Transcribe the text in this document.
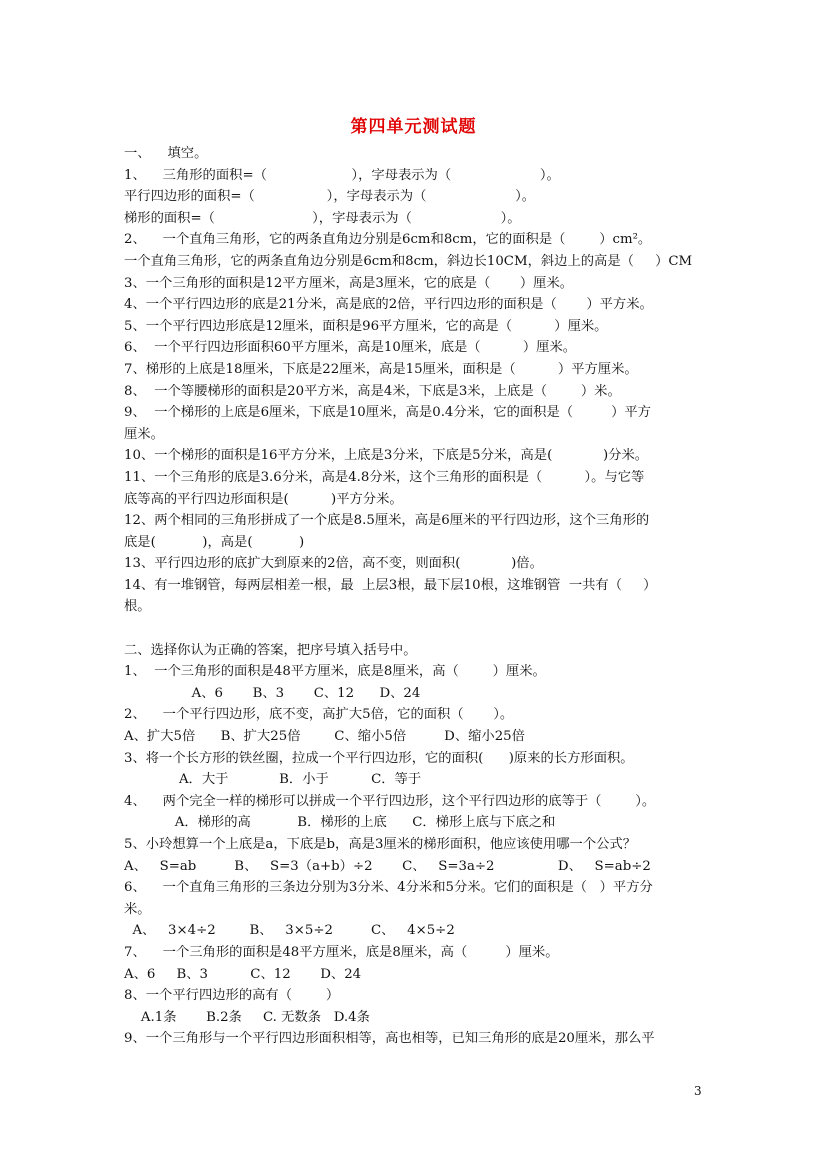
第四单元测试题
一、    填空。
1、    三角形的面积=（                    ），字母表示为（                     ）。
平行四边形的面积=（                 ），字母表示为（                     ）。
梯形的面积=（                       ），字母表示为（                     ）。
2、    一个直角三角形，它的两条直角边分别是6cm和8cm，它的面积是（        ）cm²。
一个直角三角形，它的两条直角边分别是6cm和8cm，斜边长10CM，斜边上的高是（     ）CM
3、一个三角形的面积是12平方厘米，高是3厘米，它的底是（       ）厘米。
4、一个平行四边形的底是21分米，高是底的2倍，平行四边形的面积是（       ）平方米。
5、一个平行四边形底是12厘米，面积是96平方厘米，它的高是（          ）厘米。
6、  一个平行四边形面积60平方厘米，高是10厘米，底是（          ）厘米。
7、梯形的上底是18厘米，下底是22厘米，高是15厘米，面积是（          ）平方厘米。
8、  一个等腰梯形的面积是20平方米，高是4米，下底是3米，上底是（        ）米。
9、  一个梯形的上底是6厘米，下底是10厘米，高是0.4分米，它的面积是（         ）平方
厘米。
10、一个梯形的面积是16平方分米，上底是3分米，下底是5分米，高是(            )分米。
11、一个三角形的底是3.6分米，高是4.8分米，这个三角形的面积是（          ）。与它等
底等高的平行四边形面积是(          )平方分米。
12、两个相同的三角形拼成了一个底是8.5厘米，高是6厘米的平行四边形，这个三角形的
底是(           )，高是(           )
13、平行四边形的底扩大到原来的2倍，高不变，则面积(            )倍。
14、有一堆钢管，每两层相差一根，最  上层3根，最下层10根，这堆钢管  一共有（     ）
根。
二、选择你认为正确的答案，把序号填入括号中。
1、  一个三角形的面积是48平方厘米，底是8厘米，高（        ）厘米。
A、6       B、3       C、12      D、24
2、    一个平行四边形，底不变，高扩大5倍，它的面积（       ）。
A、扩大5倍      B、扩大25倍        C、缩小5倍         D、缩小25倍
3、将一个长方形的铁丝圈，拉成一个平行四边形，它的面积(      )原来的长方形面积。
A．大于            B．小于          C．等于
4、    两个完全一样的梯形可以拼成一个平行四边形，这个平行四边形的底等于（        ）。
A．梯形的高           B．梯形的上底      C．梯形上底与下底之和
5、小玲想算一个上底是a，下底是b，高是3厘米的梯形面积，他应该使用哪一个公式？
A、   S=ab         B、   S=3（a+b）÷2       C、   S=3a÷2               D、   S=ab÷2
6、    一个直角三角形的三条边分别为3分米、4分米和5分米。它们的面积是（   ）平方分
米。
A、   3×4÷2        B、   3×5÷2         C、   4×5÷2
7、    一个三角形的面积是48平方厘米，底是8厘米，高（         ）厘米。
A、6     B、3          C、12       D、24
8、一个平行四边形的高有（        ）
A.1条       B.2条     C. 无数条   D.4条
9、一个三角形与一个平行四边形面积相等，高也相等，已知三角形的底是20厘米，那么平
3
